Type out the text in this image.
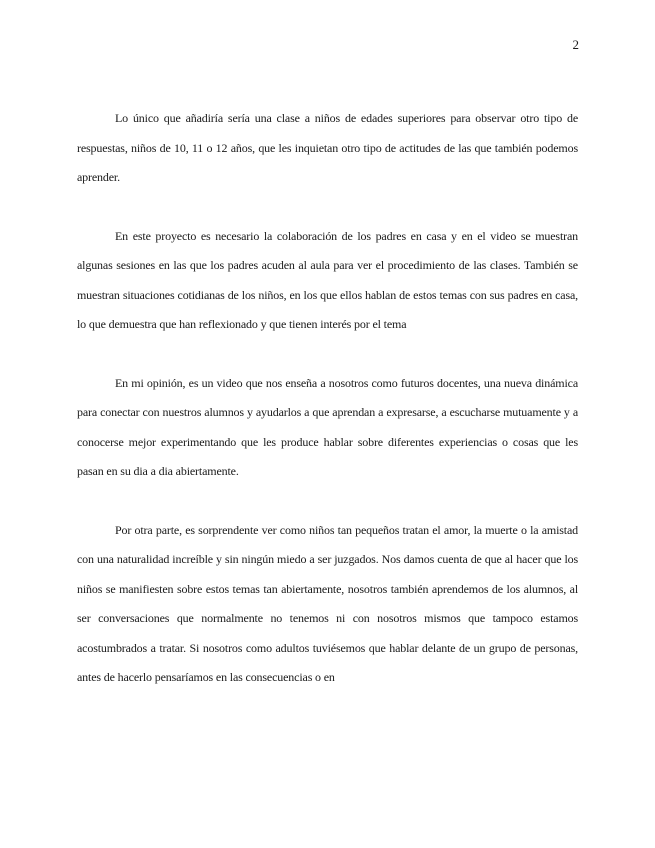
2

Lo único que añadiría sería una clase a niños de edades superiores para observar otro tipo de respuestas, niños de 10, 11 o 12 años, que les inquietan otro tipo de actitudes de las que también podemos aprender.

En este proyecto es necesario la colaboración de los padres en casa y en el video se muestran algunas sesiones en las que los padres acuden al aula para ver el procedimiento de las clases. También se muestran situaciones cotidianas de los niños, en los que ellos hablan de estos temas con sus padres en casa, lo que demuestra que han reflexionado y que tienen interés por el tema

En mi opinión, es un video que nos enseña a nosotros como futuros docentes, una nueva dinámica para conectar con nuestros alumnos y ayudarlos a que aprendan a expresarse, a escucharse mutuamente y a conocerse mejor experimentando que les produce hablar sobre diferentes experiencias o cosas que les pasan en su dia a dia abiertamente.

Por otra parte, es sorprendente ver como niños tan pequeños tratan el amor, la muerte o la amistad con una naturalidad increíble y sin ningún miedo a ser juzgados. Nos damos cuenta de que al hacer que los niños se manifiesten sobre estos temas tan abiertamente, nosotros también aprendemos de los alumnos, al ser conversaciones que normalmente no tenemos ni con nosotros mismos que tampoco estamos acostumbrados a tratar. Si nosotros como adultos tuviésemos que hablar delante de un grupo de personas, antes de hacerlo pensaríamos en las consecuencias o en
